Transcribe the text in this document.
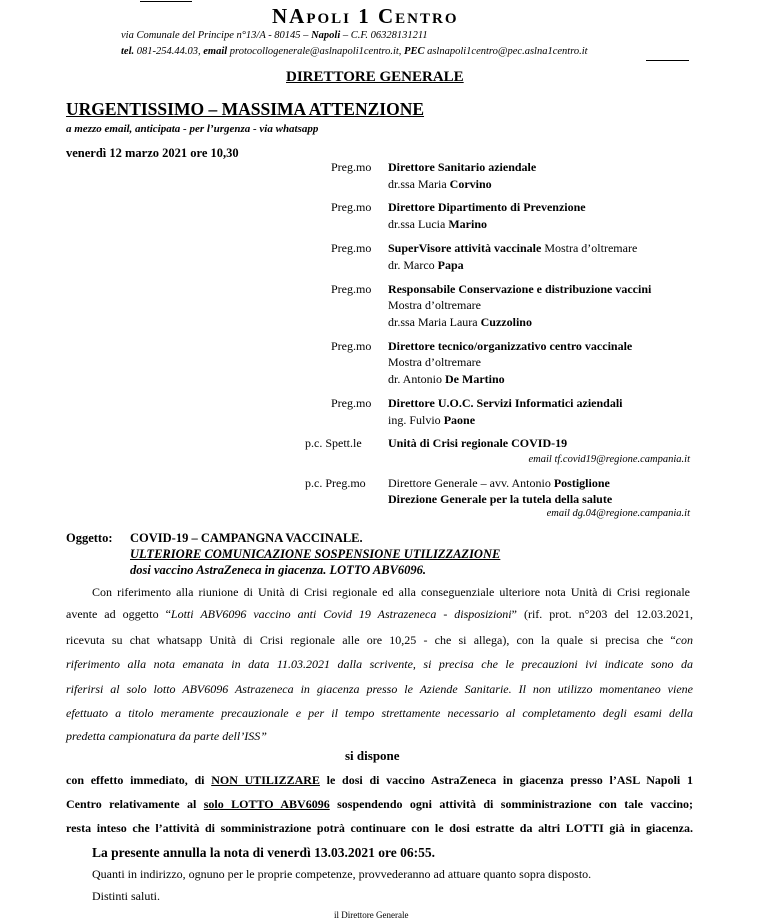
NApoli 1 Centro
via Comunale del Principe n°13/A - 80145 – Napoli – C.F. 06328131211
tel. 081-254.44.03, email protocollogenerale@aslnapoli1centro.it, PEC aslnapoli1centro@pec.aslna1centro.it
DIRETTORE GENERALE
URGENTISSIMO – MASSIMA ATTENZIONE
a mezzo email, anticipata - per l’urgenza - via whatsapp
venerdì 12 marzo 2021 ore 10,30
Preg.mo Direttore Sanitario aziendale
dr.ssa Maria Corvino
Preg.mo Direttore Dipartimento di Prevenzione
dr.ssa Lucia Marino
Preg.mo SuperVisore attività vaccinale Mostra d’oltremare
dr. Marco Papa
Preg.mo Responsabile Conservazione e distribuzione vaccini
Mostra d’oltremare
dr.ssa Maria Laura Cuzzolino
Preg.mo Direttore tecnico/organizzativo centro vaccinale
Mostra d’oltremare
dr. Antonio De Martino
Preg.mo Direttore U.O.C. Servizi Informatici aziendali
ing. Fulvio Paone
p.c. Spett.le Unità di Crisi regionale COVID-19
email tf.covid19@regione.campania.it
p.c. Preg.mo Direttore Generale – avv. Antonio Postiglione
Direzione Generale per la tutela della salute
email dg.04@regione.campania.it
Oggetto: COVID-19 – CAMPANGNA VACCINALE.
ULTERIORE COMUNICAZIONE SOSPENSIONE UTILIZZAZIONE
dosi vaccino AstraZeneca in giacenza. LOTTO ABV6096.
Con riferimento alla riunione di Unità di Crisi regionale ed alla conseguenziale ulteriore nota Unità di Crisi regionale
avente ad oggetto “Lotti ABV6096 vaccino anti Covid 19 Astrazeneca - disposizioni” (rif. prot. n°203 del 12.03.2021,
ricevuta su chat whatsapp Unità di Crisi regionale alle ore 10,25 - che si allega), con la quale si precisa che “con
riferimento alla nota emanata in data 11.03.2021 dalla scrivente, si precisa che le precauzioni ivi indicate sono da
riferirsi al solo lotto ABV6096 Astrazeneca in giacenza presso le Aziende Sanitarie. Il non utilizzo momentaneo viene
efettuato a titolo meramente precauzionale e per il tempo strettamente necessario al completamento degli esami della
predetta campionatura da parte dell’ISS”
si dispone
con effetto immediato, di NON UTILIZZARE le dosi di vaccino AstraZeneca in giacenza presso l’ASL Napoli 1
Centro relativamente al solo LOTTO ABV6096 sospendendo ogni attività di somministrazione con tale vaccino;
resta inteso che l’attività di somministrazione potrà continuare con le dosi estratte da altri LOTTI già in giacenza.
La presente annulla la nota di venerdì 13.03.2021 ore 06:55.
Quanti in indirizzo, ognuno per le proprie competenze, provvederanno ad attuare quanto sopra disposto.
Distinti saluti.
il Direttore Generale
